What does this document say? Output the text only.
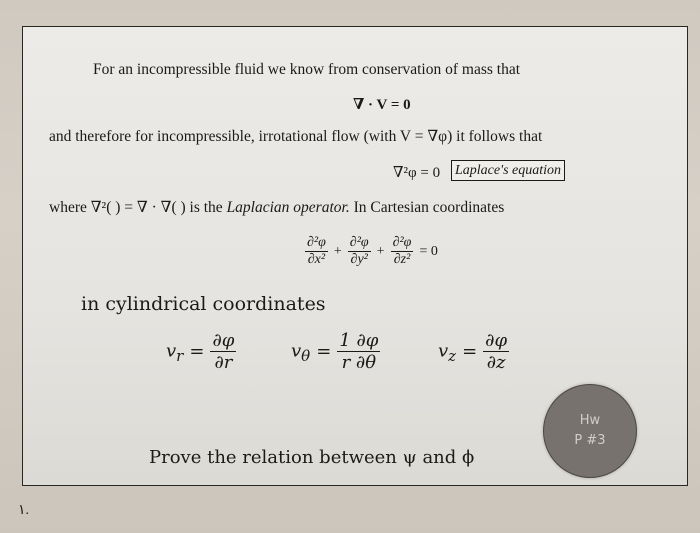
For an incompressible fluid we know from conservation of mass that
∇ · V = 0
and therefore for incompressible, irrotational flow (with V = ∇φ) it follows that
∇²φ = 0 Laplace's equation
where ∇²( ) = ∇ · ∇( ) is the Laplacian operator. In Cartesian coordinates
$\frac{\text{∂²φ}}{\text{∂x²}} + \frac{\text{∂²φ}}{\text{∂y²}} + \frac{\text{∂²φ}}{\text{∂z²}} = 0$
in cylindrical coordinates
$v_r = \frac{\partial\varphi}{\partial r}$	$v_\theta = \frac{1 \partial\varphi}{r \partial\theta}$	$v_z = \frac{\partial\varphi}{\partial z}$
Prove the relation between ψ and ϕ
Hw
P #3
١.
